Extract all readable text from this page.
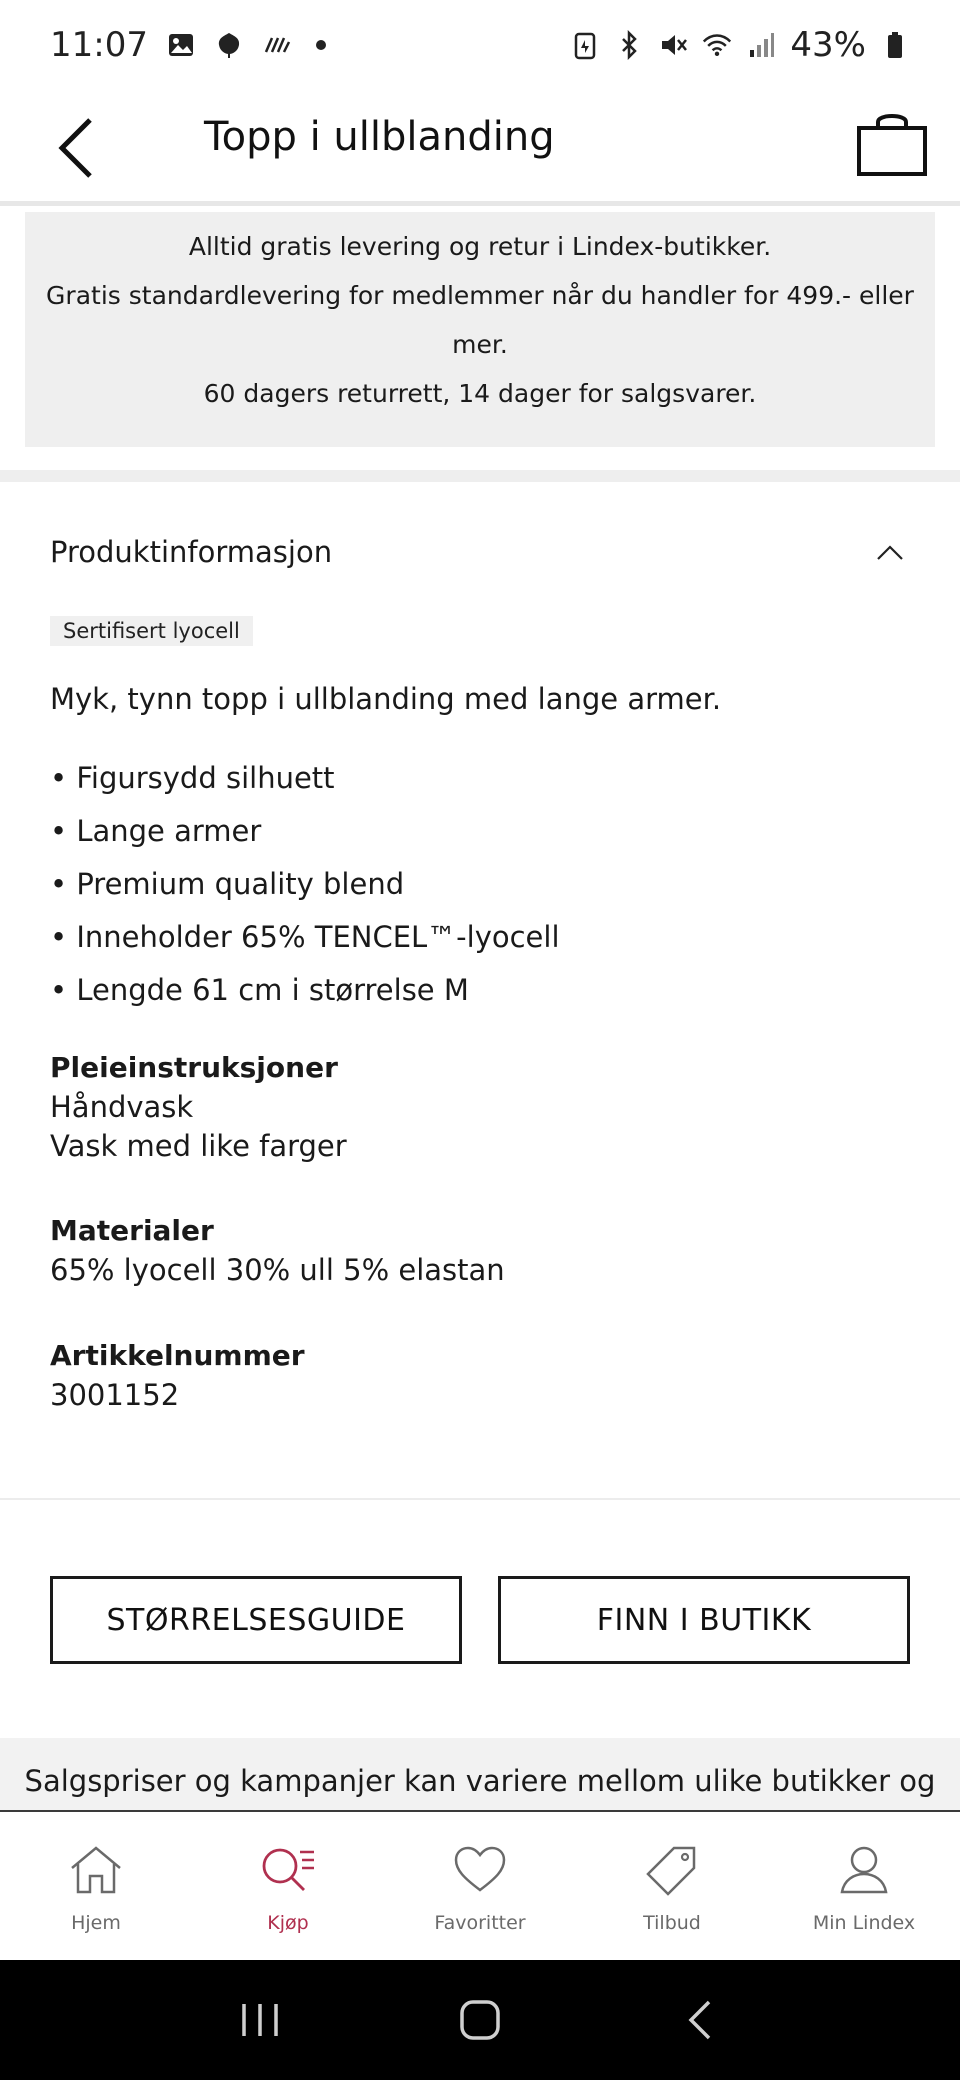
11:07	43%
Topp i ullblanding
Alltid gratis levering og retur i Lindex-butikker.
Gratis standardlevering for medlemmer når du handler for 499.- eller
mer.
60 dagers returrett, 14 dager for salgsvarer.
Produktinformasjon
Sertifisert lyocell
Myk, tynn topp i ullblanding med lange armer.
• Figursydd silhuett
• Lange armer
• Premium quality blend
• Inneholder 65% TENCEL™-lyocell
• Lengde 61 cm i størrelse M
Pleieinstruksjoner
Håndvask
Vask med like farger
Materialer
65% lyocell 30% ull 5% elastan
Artikkelnummer
3001152
STØRRELSESGUIDE	FINN I BUTIKK
Salgspriser og kampanjer kan variere mellom ulike butikker og
Hjem	Kjøp	Favoritter	Tilbud	Min Lindex
